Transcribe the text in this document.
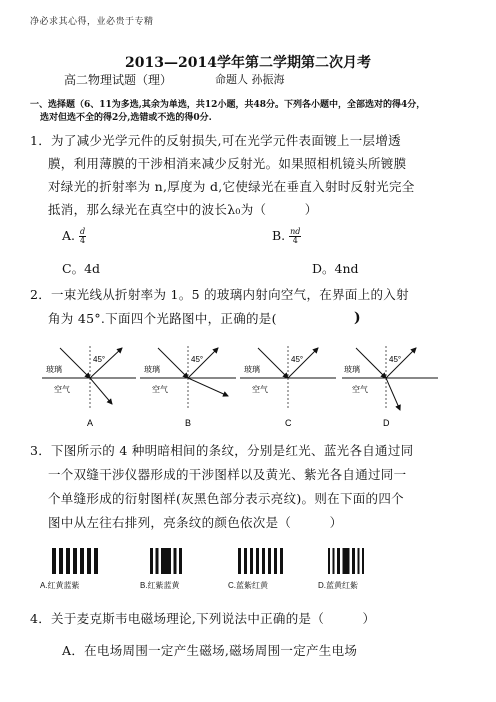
净必求其心得，业必贵于专精
2013—2014学年第二学期第二次月考
高二物理试题（理）	命题人 孙振海
一、选择题（6、11为多选,其余为单选，共12小题，共48分。下列各小题中，全部选对的得4分，
选对但选不全的得2分,选错或不选的得0分.
1．为了减少光学元件的反射损失,可在光学元件表面镀上一层增透
膜，利用薄膜的干涉相消来减少反射光。如果照相机镜头所镀膜
对绿光的折射率为 n,厚度为 d,它使绿光在垂直入射时反射光完全
抵消，那么绿光在真空中的波长λ₀为（　　　）
A. $\frac{d}{4}$	B. $\frac{nd}{4}$
C。4d	D。4nd
2．一束光线从折射率为 1。5 的玻璃内射向空气，在界面上的入射
角为 45°.下面四个光路图中，正确的是(　　　	)
45°
玻璃
空气
A
45°
玻璃
空气
B
45°
玻璃
空气
C
45°
玻璃
空气
D
3．下图所示的 4 种明暗相间的条纹，分别是红光、蓝光各自通过同
一个双缝干涉仪器形成的干涉图样以及黄光、紫光各自通过同一
个单缝形成的衍射图样(灰黑色部分表示亮纹)。则在下面的四个
图中从左往右排列，亮条纹的颜色依次是（　　　）
A.红黄蓝紫	B.红紫蓝黄	C.蓝紫红黄	D.蓝黄红紫
4．关于麦克斯韦电磁场理论,下列说法中正确的是（　　　）
A．在电场周围一定产生磁场,磁场周围一定产生电场
